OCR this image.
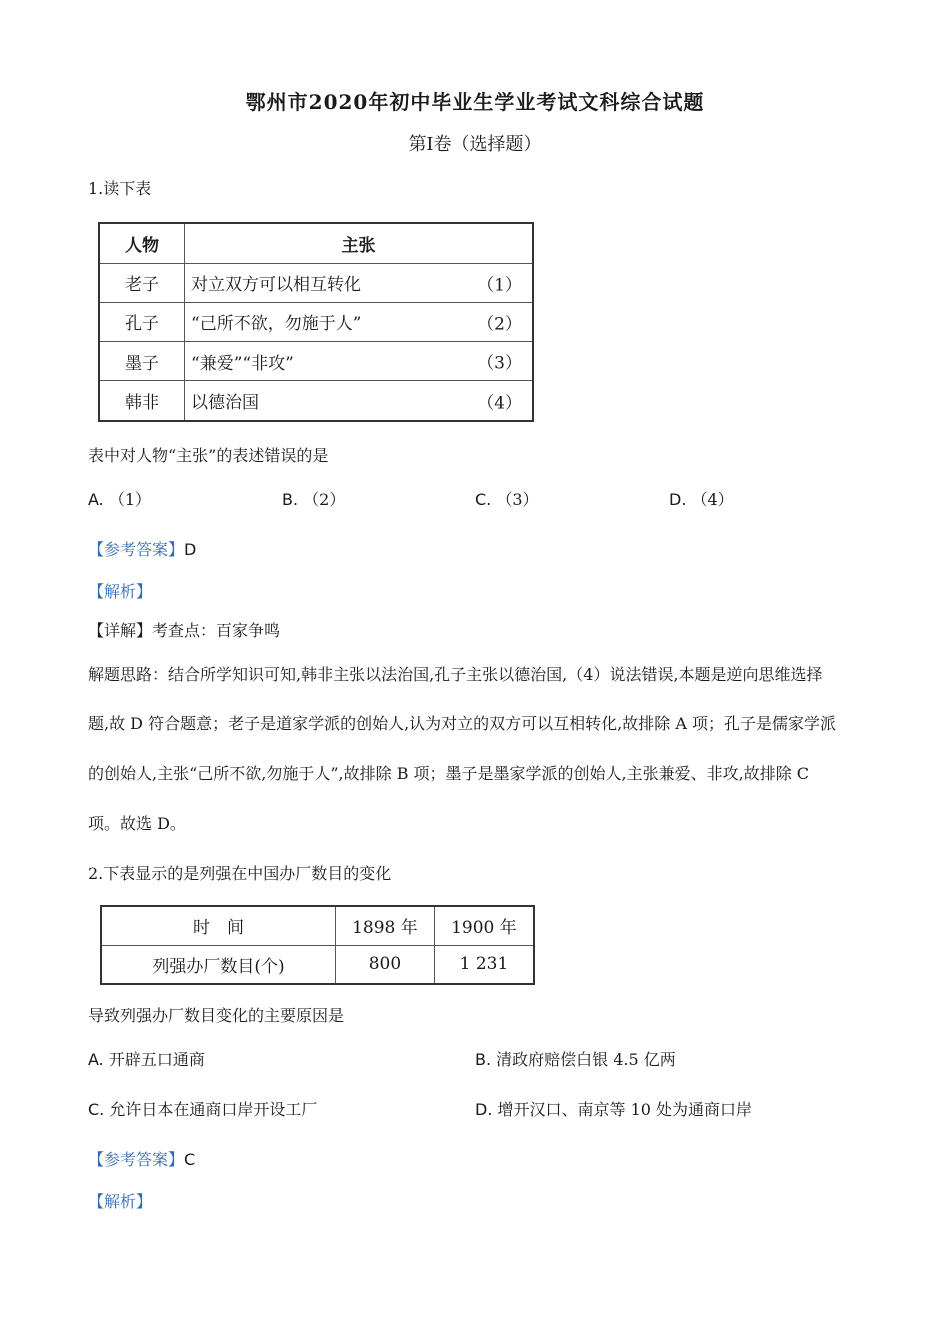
鄂州市2020年初中毕业生学业考试文科综合试题
第Ⅰ卷（选择题）
1.读下表
人物	主张
老子	对立双方可以相互转化 （1）

孔子	“己所不欲，勿施于人” （2）

墨子	“兼爱”“非攻” （3）

韩非	以德治国 （4）
表中对人物“主张”的表述错误的是
A. （1）	B. （2）	C. （3）	D. （4）
【参考答案】D
【解析】
【详解】考查点：百家争鸣
解题思路：结合所学知识可知,韩非主张以法治国,孔子主张以德治国,（4）说法错误,本题是逆向思维选择
题,故 D 符合题意；老子是道家学派的创始人,认为对立的双方可以互相转化,故排除 A 项；孔子是儒家学派
的创始人,主张“己所不欲,勿施于人”,故排除 B 项；墨子是墨家学派的创始人,主张兼爱、非攻,故排除 C
项。故选 D。
2.下表显示的是列强在中国办厂数目的变化
时　间	1898 年	1900 年
列强办厂数目(个)	800	1 231
导致列强办厂数目变化的主要原因是
A. 开辟五口通商	B. 清政府赔偿白银 4.5 亿两
C. 允许日本在通商口岸开设工厂	D. 增开汉口、南京等 10 处为通商口岸
【参考答案】C
【解析】
